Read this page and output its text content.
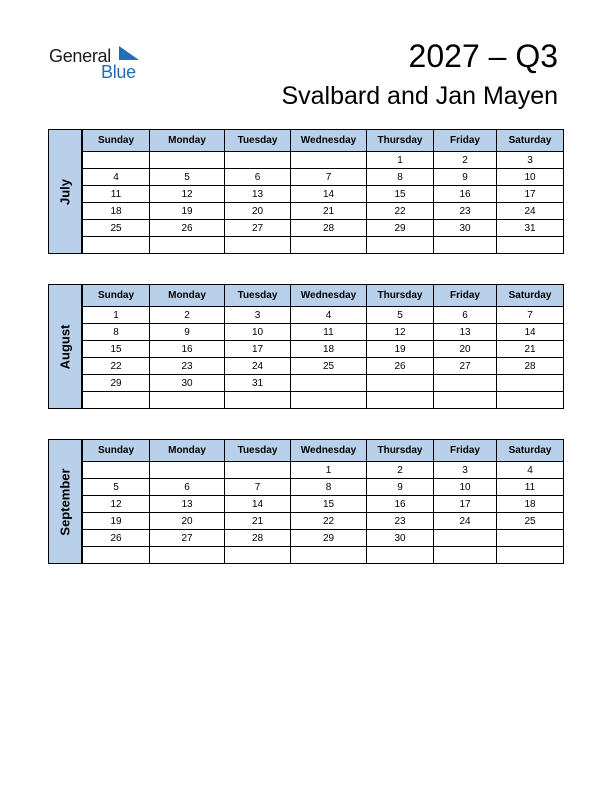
General
Blue	2027 – Q3
Svalbard and Jan Mayen
July
Sunday	Monday	Tuesday	Wednesday	Thursday	Friday	Saturday
				1	2	3
4	5	6	7	8	9	10
11	12	13	14	15	16	17
18	19	20	21	22	23	24
25	26	27	28	29	30	31

August
Sunday	Monday	Tuesday	Wednesday	Thursday	Friday	Saturday
1	2	3	4	5	6	7
8	9	10	11	12	13	14
15	16	17	18	19	20	21
22	23	24	25	26	27	28
29	30	31				

September
Sunday	Monday	Tuesday	Wednesday	Thursday	Friday	Saturday
			1	2	3	4
5	6	7	8	9	10	11
12	13	14	15	16	17	18
19	20	21	22	23	24	25
26	27	28	29	30		
